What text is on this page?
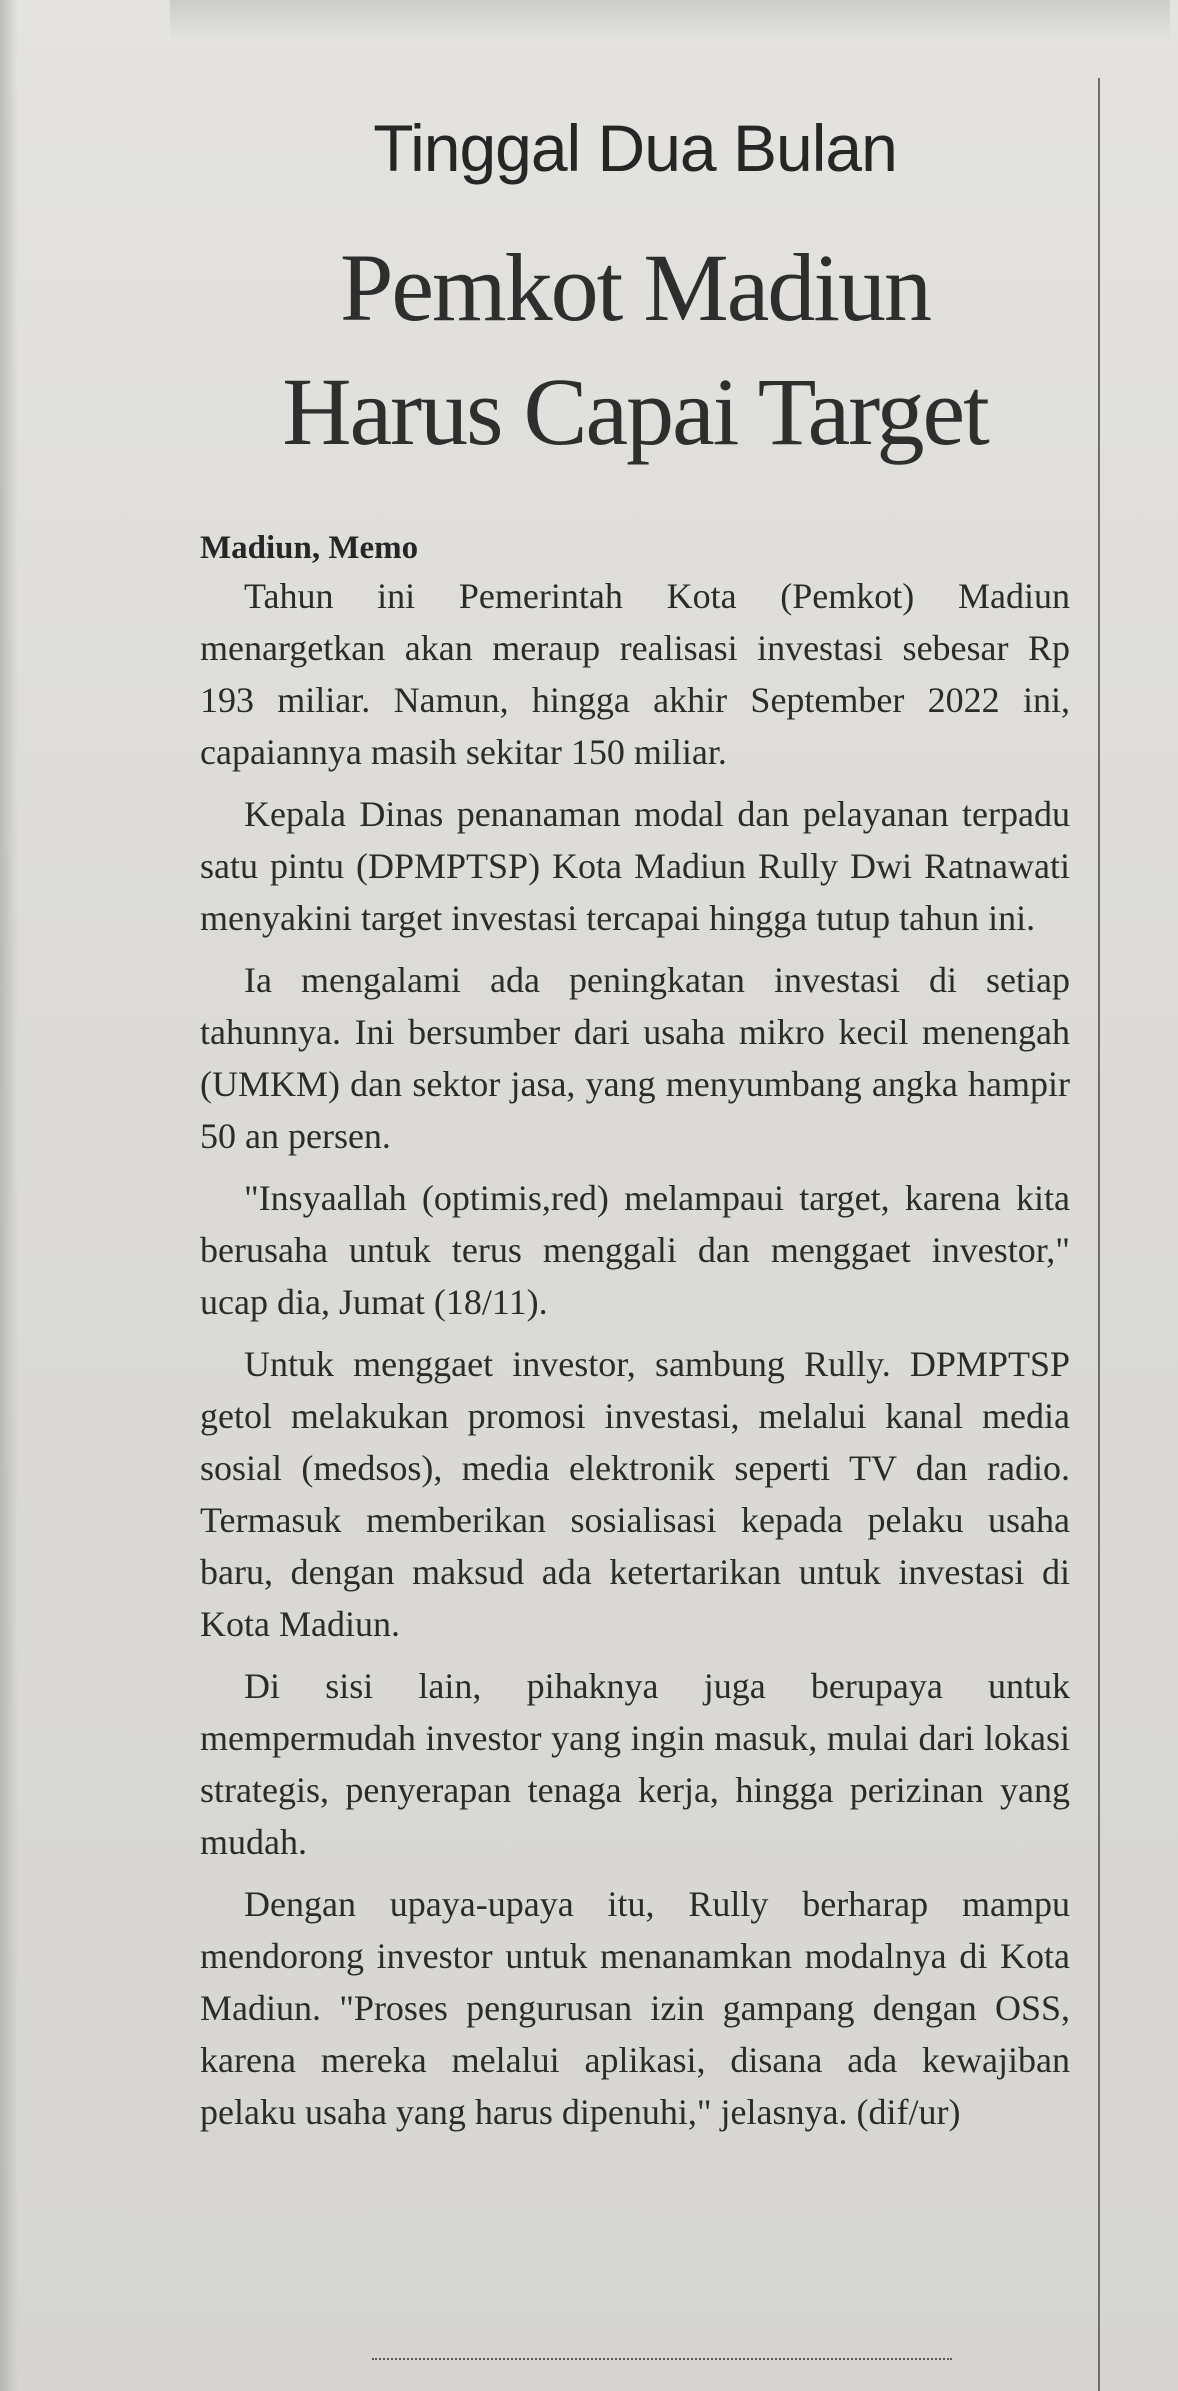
Tinggal Dua Bulan
Pemkot Madiun
Harus Capai Target

Madiun, Memo

Tahun ini Pemerintah Kota (Pemkot) Madiun menargetkan akan meraup realisasi investasi sebesar Rp 193 miliar. Namun, hingga akhir September 2022 ini, capaiannya masih sekitar 150 miliar.

Kepala Dinas penanaman modal dan pelayanan terpadu satu pintu (DPMPTSP) Kota Madiun Rully Dwi Ratnawati menyakini target investasi tercapai hingga tutup tahun ini.

Ia mengalami ada peningkatan investasi di setiap tahunnya. Ini bersumber dari usaha mikro kecil menengah (UMKM) dan sektor jasa, yang menyumbang angka hampir 50 an persen.

"Insyaallah (optimis,red) melampaui target, karena kita berusaha untuk terus menggali dan menggaet investor," ucap dia, Jumat (18/11).

Untuk menggaet investor, sambung Rully. DPMPTSP getol melakukan promosi investasi, melalui kanal media sosial (medsos), media elektronik seperti TV dan radio. Termasuk memberikan sosialisasi kepada pelaku usaha baru, dengan maksud ada ketertarikan untuk investasi di Kota Madiun.

Di sisi lain, pihaknya juga berupaya untuk mempermudah investor yang ingin masuk, mulai dari lokasi strategis, penyerapan tenaga kerja, hingga perizinan yang mudah.

Dengan upaya-upaya itu, Rully berharap mampu mendorong investor untuk menanamkan modalnya di Kota Madiun. "Proses pengurusan izin gampang dengan OSS, karena mereka melalui aplikasi, disana ada kewajiban pelaku usaha yang harus dipenuhi," jelasnya. (dif/ur)
